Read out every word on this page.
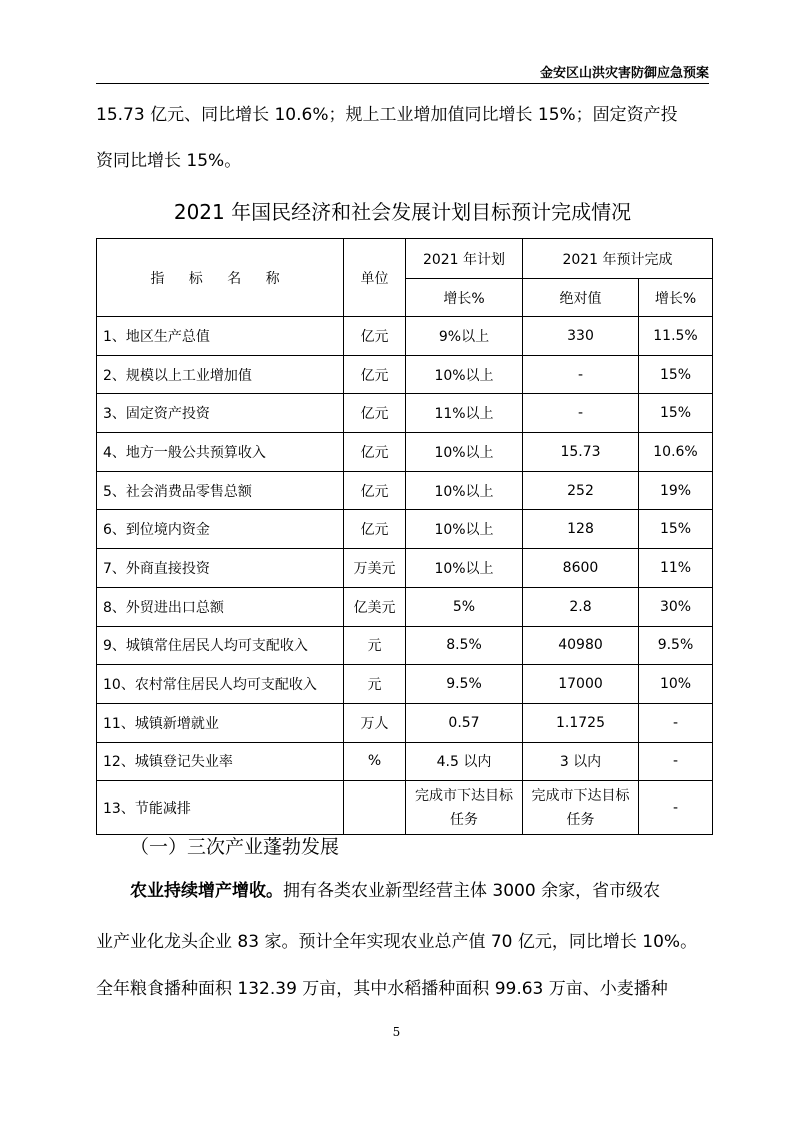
金安区山洪灾害防御应急预案
15.73 亿元、同比增长 10.6%；规上工业增加值同比增长 15%；固定资产投
资同比增长 15%。
2021 年国民经济和社会发展计划目标预计完成情况
指 标 名 称	单位	2021 年计划	2021 年预计完成	
		增长%	绝对值	增长%
1、地区生产总值	亿元	9%以上	330	11.5%
2、规模以上工业增加值	亿元	10%以上	-	15%
3、固定资产投资	亿元	11%以上	-	15%
4、地方一般公共预算收入	亿元	10%以上	15.73	10.6%
5、社会消费品零售总额	亿元	10%以上	252	19%
6、到位境内资金	亿元	10%以上	128	15%
7、外商直接投资	万美元	10%以上	8600	11%
8、外贸进出口总额	亿美元	5%	2.8	30%
9、城镇常住居民人均可支配收入	元	8.5%	40980	9.5%
10、农村常住居民人均可支配收入	元	9.5%	17000	10%
11、城镇新增就业	万人	0.57	1.1725	-
12、城镇登记失业率	%	4.5 以内	3 以内	-
13、节能减排		完成市下达目标任务	完成市下达目标任务	-
（一）三次产业蓬勃发展
农业持续增产增收。拥有各类农业新型经营主体 3000 余家，省市级农
业产业化龙头企业 83 家。预计全年实现农业总产值 70 亿元，同比增长 10%。
全年粮食播种面积 132.39 万亩，其中水稻播种面积 99.63 万亩、小麦播种
5
